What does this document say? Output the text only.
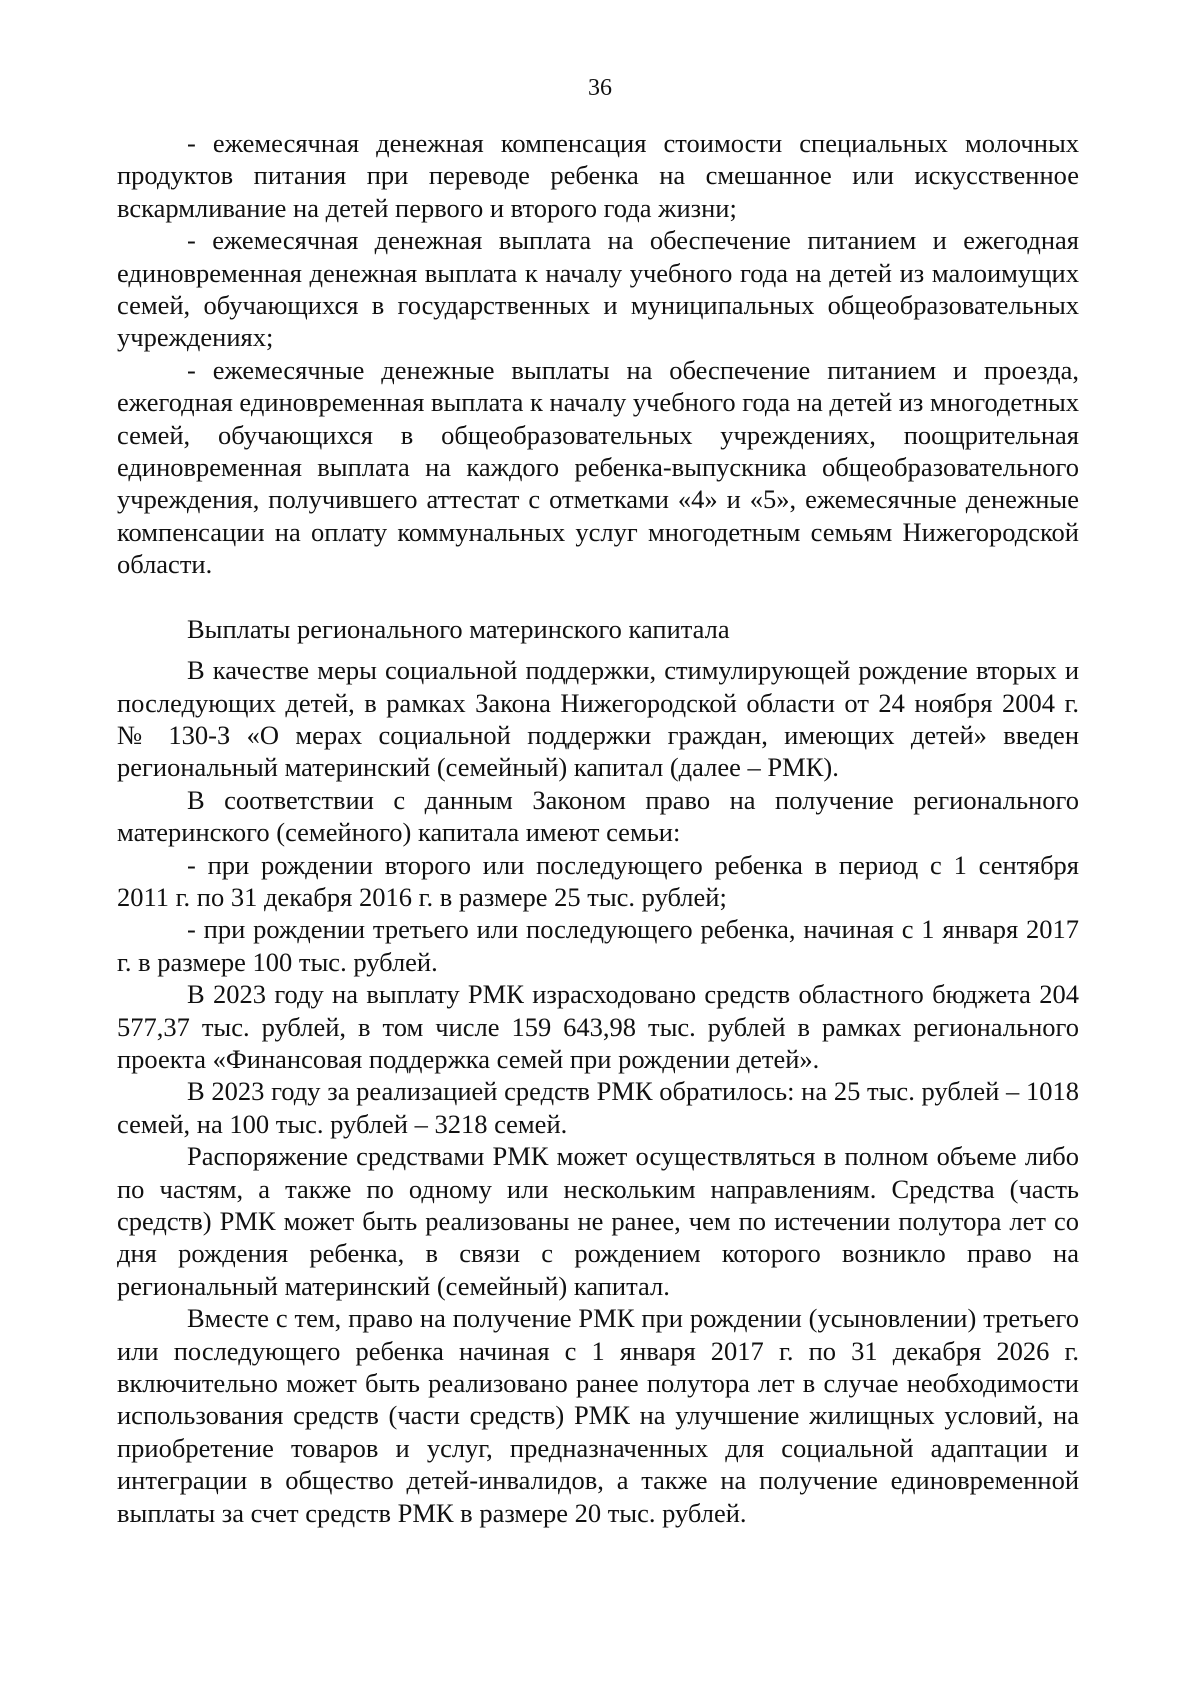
36

- ежемесячная денежная компенсация стоимости специальных молочных продуктов питания при переводе ребенка на смешанное или искусственное вскармливание на детей первого и второго года жизни;

- ежемесячная денежная выплата на обеспечение питанием и ежегодная единовременная денежная выплата к началу учебного года на детей из малоимущих семей, обучающихся в государственных и муниципальных общеобразовательных учреждениях;

- ежемесячные денежные выплаты на обеспечение питанием и проезда, ежегодная единовременная выплата к началу учебного года на детей из многодетных семей, обучающихся в общеобразовательных учреждениях, поощрительная единовременная выплата на каждого ребенка-выпускника общеобразовательного учреждения, получившего аттестат с отметками «4» и «5», ежемесячные денежные компенсации на оплату коммунальных услуг многодетным семьям Нижегородской области.

Выплаты регионального материнского капитала

В качестве меры социальной поддержки, стимулирующей рождение вторых и последующих детей, в рамках Закона Нижегородской области от 24 ноября 2004 г. № 130-З «О мерах социальной поддержки граждан, имеющих детей» введен региональный материнский (семейный) капитал (далее – РМК).

В соответствии с данным Законом право на получение регионального материнского (семейного) капитала имеют семьи:

- при рождении второго или последующего ребенка в период с 1 сентября 2011 г. по 31 декабря 2016 г. в размере 25 тыс. рублей;

- при рождении третьего или последующего ребенка, начиная с 1 января 2017 г. в размере 100 тыс. рублей.

В 2023 году на выплату РМК израсходовано средств областного бюджета 204 577,37 тыс. рублей, в том числе 159 643,98 тыс. рублей в рамках регионального проекта «Финансовая поддержка семей при рождении детей».

В 2023 году за реализацией средств РМК обратилось: на 25 тыс. рублей – 1018 семей, на 100 тыс. рублей – 3218 семей.

Распоряжение средствами РМК может осуществляться в полном объеме либо по частям, а также по одному или нескольким направлениям. Средства (часть средств) РМК может быть реализованы не ранее, чем по истечении полутора лет со дня рождения ребенка, в связи с рождением которого возникло право на региональный материнский (семейный) капитал.

Вместе с тем, право на получение РМК при рождении (усыновлении) третьего или последующего ребенка начиная с 1 января 2017 г. по 31 декабря 2026 г. включительно может быть реализовано ранее полутора лет в случае необходимости использования средств (части средств) РМК на улучшение жилищных условий, на приобретение товаров и услуг, предназначенных для социальной адаптации и интеграции в общество детей-инвалидов, а также на получение единовременной выплаты за счет средств РМК в размере 20 тыс. рублей.
